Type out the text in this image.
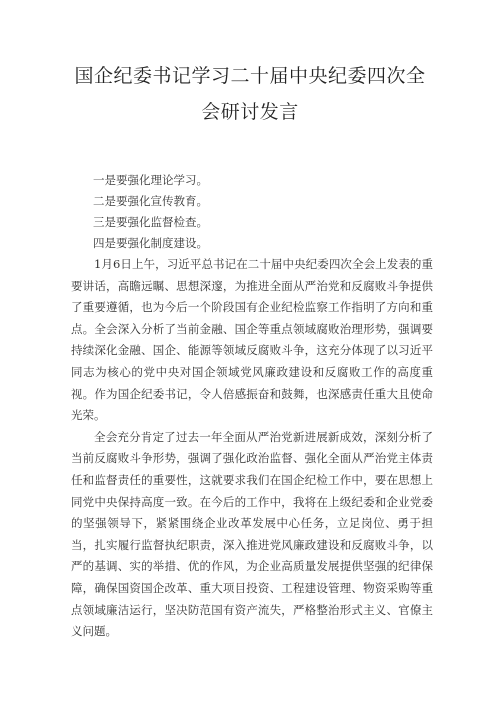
国企纪委书记学习二十届中央纪委四次全
会研讨发言

一是要强化理论学习。

二是要强化宣传教育。

三是要强化监督检查。

四是要强化制度建设。

1月6日上午，习近平总书记在二十届中央纪委四次全会上发表的重要讲话，高瞻远瞩、思想深邃，为推进全面从严治党和反腐败斗争提供了重要遵循，也为今后一个阶段国有企业纪检监察工作指明了方向和重点。全会深入分析了当前金融、国企等重点领域腐败治理形势，强调要持续深化金融、国企、能源等领域反腐败斗争，这充分体现了以习近平同志为核心的党中央对国企领域党风廉政建设和反腐败工作的高度重视。作为国企纪委书记，令人倍感振奋和鼓舞，也深感责任重大且使命光荣。

全会充分肯定了过去一年全面从严治党新进展新成效，深刻分析了当前反腐败斗争形势，强调了强化政治监督、强化全面从严治党主体责任和监督责任的重要性，这就要求我们在国企纪检工作中，要在思想上同党中央保持高度一致。在今后的工作中，我将在上级纪委和企业党委的坚强领导下，紧紧围绕企业改革发展中心任务，立足岗位、勇于担当，扎实履行监督执纪职责，深入推进党风廉政建设和反腐败斗争，以严的基调、实的举措、优的作风，为企业高质量发展提供坚强的纪律保障，确保国资国企改革、重大项目投资、工程建设管理、物资采购等重点领域廉洁运行，坚决防范国有资产流失，严格整治形式主义、官僚主义问题。
